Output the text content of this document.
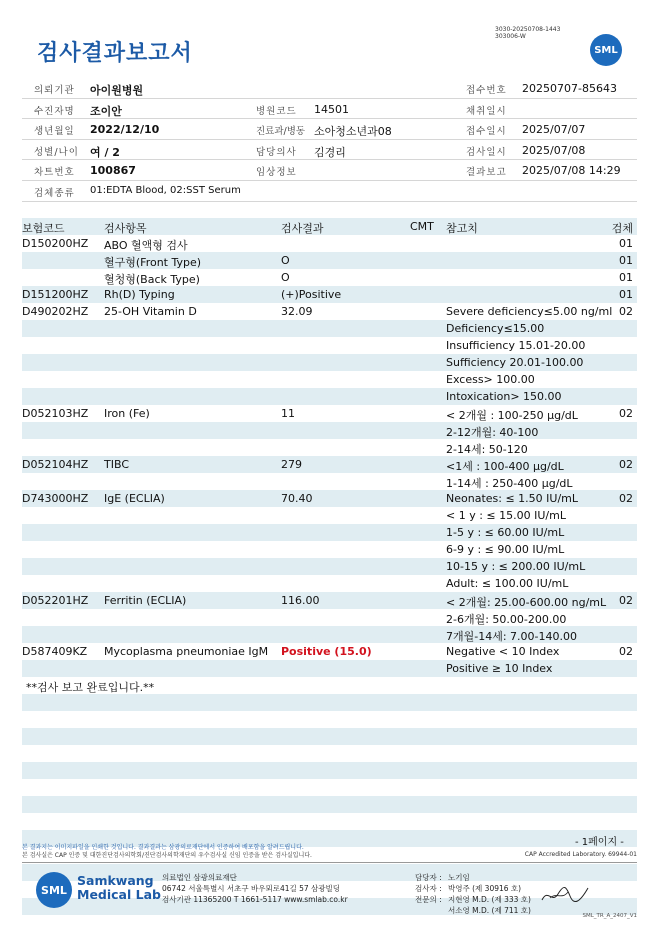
검사결과보고서
3030-20250708-1443
303006-W
SML
의뢰기관 아이원병원	접수번호 20250707-85643
수진자명 조이안	병원코드 14501	채취일시
생년월일 2022/12/10	진료과/병동 소아청소년과08	접수일시 2025/07/07
성별/나이 여 / 2	담당의사 김경리	검사일시 2025/07/08
차트번호 100867	임상정보	결과보고 2025/07/08 14:29
검체종류 01:EDTA Blood, 02:SST Serum
보험코드	검사항목	검사결과	CMT 참고치	검체
D150200HZ ABO 혈액형 검사	01
혈구형(Front Type)	O	01
혈청형(Back Type)	O	01
D151200HZ Rh(D) Typing	(+)Positive	01
D490202HZ 25-OH Vitamin D	32.09	Severe deficiency≤5.00 ng/ml 02
Deficiency≤15.00
Insufficiency 15.01-20.00
Sufficiency 20.01-100.00
Excess> 100.00
Intoxication> 150.00
D052103HZ Iron (Fe)	11	< 2개월 : 100-250 μg/dL	02
2-12개월: 40-100
2-14세: 50-120
D052104HZ TIBC	279	<1세 : 100-400 μg/dL	02
1-14세 : 250-400 μg/dL
D743000HZ IgE (ECLIA)	70.40	Neonates: ≤ 1.50 IU/mL	02
< 1 y : ≤ 15.00 IU/mL
1-5 y : ≤ 60.00 IU/mL
6-9 y : ≤ 90.00 IU/mL
10-15 y : ≤ 200.00 IU/mL
Adult: ≤ 100.00 IU/mL
D052201HZ Ferritin (ECLIA)	116.00	< 2개월: 25.00-600.00 ng/mL 02
2-6개월: 50.00-200.00
7개월-14세: 7.00-140.00
D587409KZ Mycoplasma pneumoniae IgM Positive (15.0)	Negative < 10 Index	02
Positive ≥ 10 Index
**검사 보고 완료입니다.**
- 1페이지 -
본 결과지는 이미지파일을 인쇄한 것입니다. 결과결과는 삼광의료재단에서 인증하여 배포함을 알려드립니다.
본 검사실은 CAP 인증 및 대한진단검사의학회/진단검사의학재단의 우수검사실 신임 인증을 받은 검사실입니다.	CAP Accredited Laboratory. 69944-01
SML
Samkwang
Medical Lab
의료법인 삼광의료재단
06742 서울특별시 서초구 바우뫼로41길 57 삼광빌딩
검사기관 11365200 T 1661-5117 www.smlab.co.kr
담당자 : 노기임
검사자 : 박영주 (제 30916 호)
전문의 : 지현영 M.D. (제 333 호)
서소영 M.D. (제 711 호)
SML_TR_A_2407_V1
